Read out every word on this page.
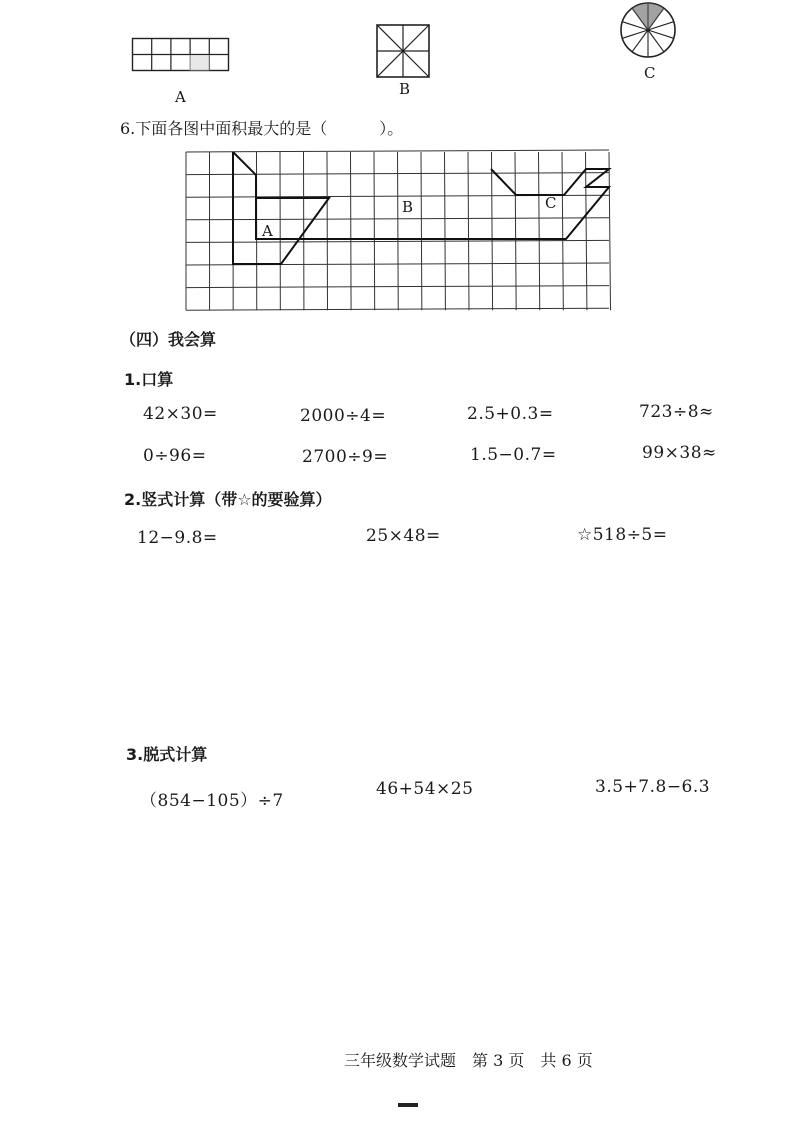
A	B
C
6.下面各图中面积最大的是（	）。
A
B	C
（四）我会算
1.口算
42×30=	2000÷4=	2.5+0.3=	723÷8≈
0÷96=	2700÷9=	1.5−0.7=	99×38≈
2.竖式计算（带☆的要验算）
12−9.8=	25×48=	☆518÷5=
3.脱式计算
（854−105）÷7
46+54×25	3.5+7.8−6.3
三年级数学试题　第 3 页　共 6 页
